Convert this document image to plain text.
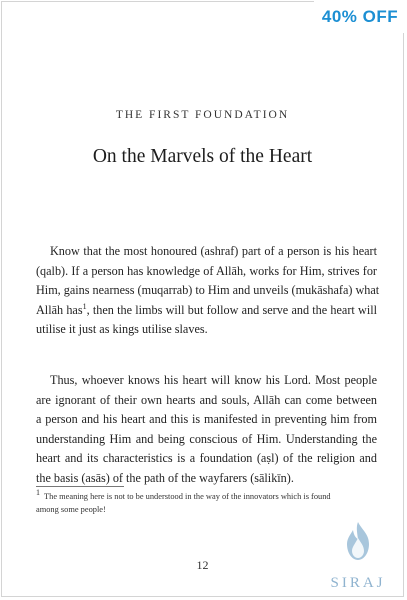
THE FIRST FOUNDATION
On the Marvels of the Heart
Know that the most honoured (ashraf) part of a person is his heart
(qalb). If a person has knowledge of Allāh, works for Him, strives for
Him, gains nearness (muqarrab) to Him and unveils (mukāshafa) what
Allāh has$^1$, then the limbs will but follow and serve and the heart will
utilise it just as kings utilise slaves.
Thus, whoever knows his heart will know his Lord. Most people
are ignorant of their own hearts and souls, Allāh can come between
a person and his heart and this is manifested in preventing him from
understanding Him and being conscious of Him. Understanding the
heart and its characteristics is a foundation (aṣl) of the religion and
the basis (asās) of the path of the wayfarers (sālikīn).
1 The meaning here is not to be understood in the way of the innovators which is found
among some people!
12
40% OFF
SIRAJ
